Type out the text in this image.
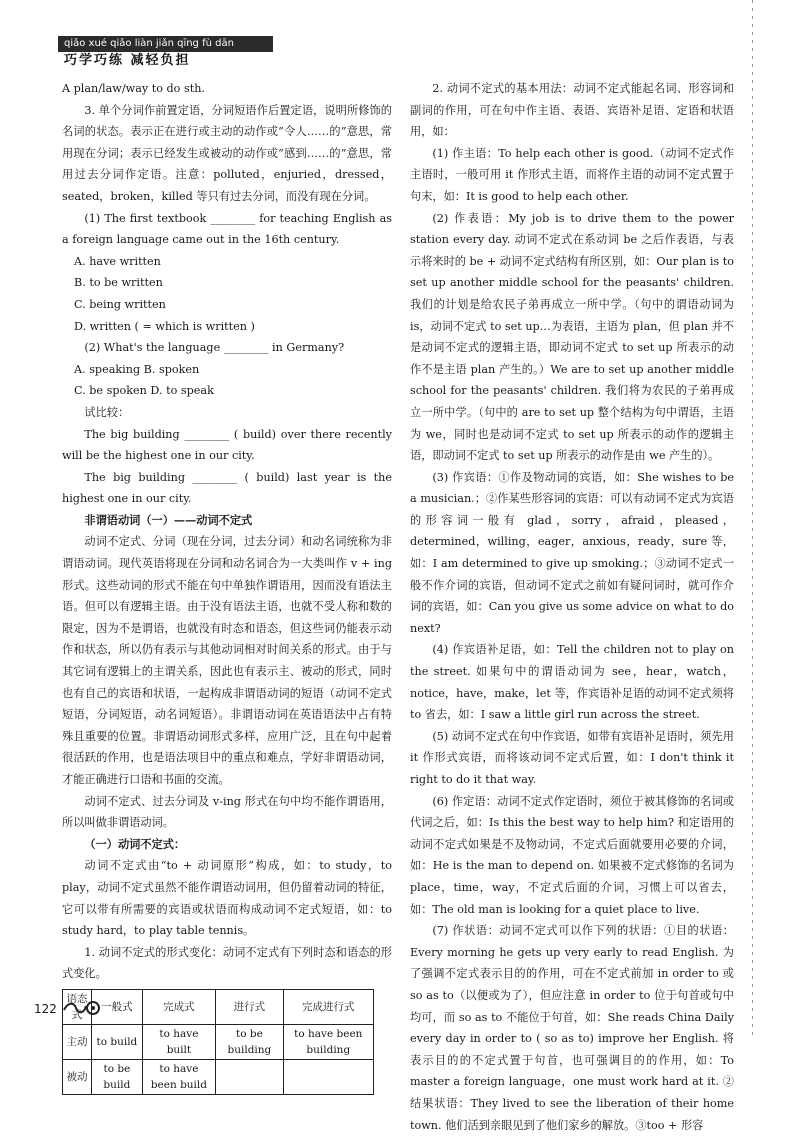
qiǎo xué qiǎo liàn jiǎn qīng fù dān
巧学巧练 减轻负担

A plan/law/way to do sth.

3. 单个分词作前置定语，分词短语作后置定语，说明所修饰的名词的状态。表示正在进行或主动的动作或“令人……的”意思，常用现在分词；表示已经发生或被动的动作或“感到……的”意思，常用过去分词作定语。注意：polluted，enjuried，dressed，seated，broken，killed 等只有过去分词，而没有现在分词。

(1) The first textbook ________ for teaching English as a foreign language came out in the 16th century.

A. have written

B. to be written

C. being written

D. written ( = which is written )

(2) What's the language ________ in Germany?

A. speaking B. spoken

C. be spoken D. to speak

试比较：

The big building ________ ( build) over there recently will be the highest one in our city.

The big building ________ ( build) last year is the highest one in our city.

非谓语动词（一）——动词不定式

动词不定式、分词（现在分词，过去分词）和动名词统称为非谓语动词。现代英语将现在分词和动名词合为一大类叫作 v + ing 形式。这些动词的形式不能在句中单独作谓语用，因而没有语法主语。但可以有逻辑主语。由于没有语法主语，也就不受人称和数的限定，因为不是谓语，也就没有时态和语态，但这些词仍能表示动作和状态，所以仍有表示与其他动词相对时间关系的形式。由于与其它词有逻辑上的主谓关系，因此也有表示主、被动的形式，同时也有自己的宾语和状语，一起构成非谓语动词的短语（动词不定式短语，分词短语，动名词短语）。非谓语动词在英语语法中占有特殊且重要的位置。非谓语动词形式多样，应用广泛，且在句中起着很活跃的作用，也是语法项目中的重点和难点，学好非谓语动词，才能正确进行口语和书面的交流。

动词不定式、过去分词及 v-ing 形式在句中均不能作谓语用，所以叫做非谓语动词。

（一）动词不定式：

动词不定式由“to + 动词原形”构成，如：to study，to play，动词不定式虽然不能作谓语动词用，但仍留着动词的特征，它可以带有所需要的宾语或状语而构成动词不定式短语，如：to study hard，to play table tennis。

1. 动词不定式的形式变化：动词不定式有下列时态和语态的形式变化。

语态式	一般式	完成式	进行式	完成进行式
主动	to build	to have built	to be building	to have been building
被动	to be build	to have been build		

2. 动词不定式的基本用法：动词不定式能起名词、形容词和副词的作用，可在句中作主语、表语、宾语补足语、定语和状语用，如：

(1) 作主语：To help each other is good.（动词不定式作主语时，一般可用 it 作形式主语，而将作主语的动词不定式置于句末，如：It is good to help each other.

(2) 作表语：My job is to drive them to the power station every day. 动词不定式在系动词 be 之后作表语，与表示将来时的 be + 动词不定式结构有所区别，如：Our plan is to set up another middle school for the peasants' children. 我们的计划是给农民子弟再成立一所中学。（句中的谓语动词为 is，动词不定式 to set up…为表语，主语为 plan，但 plan 并不是动词不定式的逻辑主语，即动词不定式 to set up 所表示的动作不是主语 plan 产生的。）We are to set up another middle school for the peasants' children. 我们将为农民的子弟再成立一所中学。（句中的 are to set up 整个结构为句中谓语，主语为 we，同时也是动词不定式 to set up 所表示的动作的逻辑主语，即动词不定式 to set up 所表示的动作是由 we 产生的）。

(3) 作宾语：①作及物动词的宾语，如：She wishes to be a musician.；②作某些形容词的宾语：可以有动词不定式为宾语的形容词一般有 glad，sorry，afraid，pleased，determined，willing，eager，anxious，ready，sure 等，如：I am determined to give up smoking.；③动词不定式一般不作介词的宾语，但动词不定式之前如有疑问词时，就可作介词的宾语，如：Can you give us some advice on what to do next?

(4) 作宾语补足语，如：Tell the children not to play on the street. 如果句中的谓语动词为 see，hear，watch，notice，have，make，let 等，作宾语补足语的动词不定式须将 to 省去，如：I saw a little girl run across the street.

(5) 动词不定式在句中作宾语，如带有宾语补足语时，须先用 it 作形式宾语，而将该动词不定式后置，如：I don't think it right to do it that way.

(6) 作定语：动词不定式作定语时，须位于被其修饰的名词或代词之后，如：Is this the best way to help him? 和定语用的动词不定式如果是不及物动词，不定式后面就要用必要的介词，如：He is the man to depend on. 如果被不定式修饰的名词为 place，time，way，不定式后面的介词，习惯上可以省去，如：The old man is looking for a quiet place to live.

(7) 作状语：动词不定式可以作下列的状语：①目的状语：Every morning he gets up very early to read English. 为了强调不定式表示目的的作用，可在不定式前加 in order to 或 so as to（以便或为了），但应注意 in order to 位于句首或句中均可，而 so as to 不能位于句首，如：She reads China Daily every day in order to ( so as to) improve her English. 将表示目的的不定式置于句首，也可强调目的的作用，如：To master a foreign language，one must work hard at it. ②结果状语：They lived to see the liberation of their home town. 他们活到亲眼见到了他们家乡的解放。③too + 形容

122
